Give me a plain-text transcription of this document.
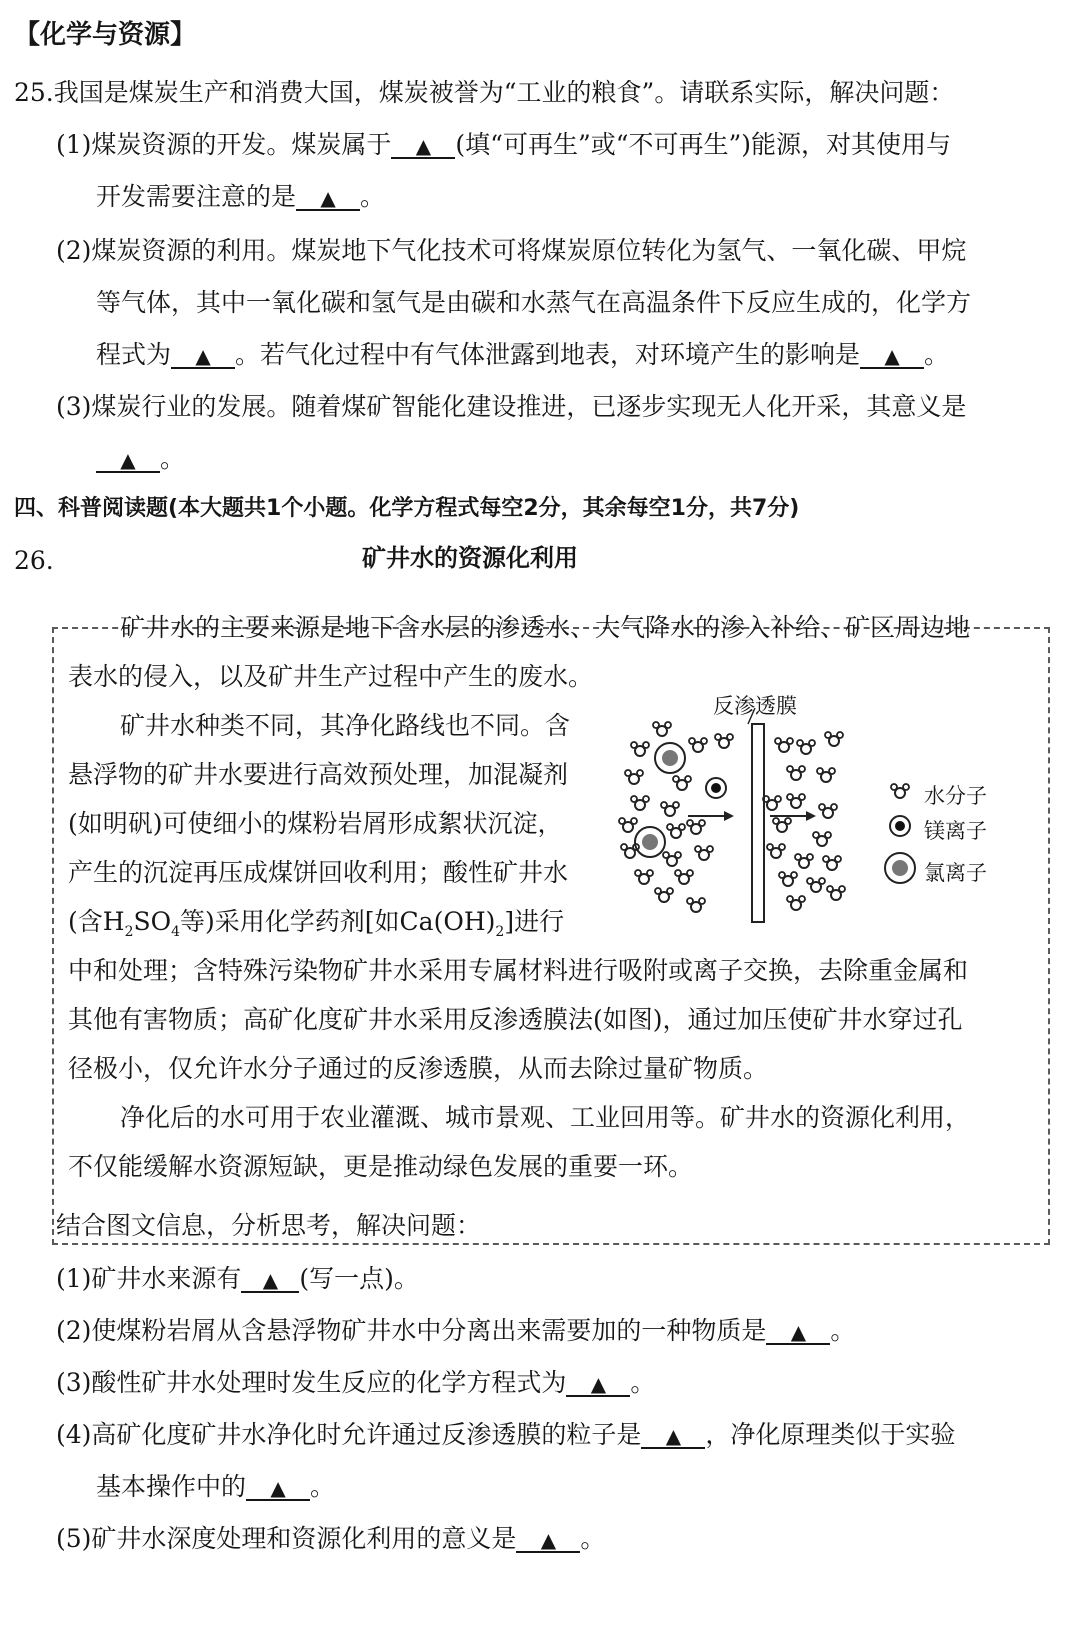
【化学与资源】
25.我国是煤炭生产和消费大国，煤炭被誉为“工业的粮食”。请联系实际，解决问题：
(1)煤炭资源的开发。煤炭属于 ▲ (填“可再生”或“不可再生”)能源，对其使用与
开发需要注意的是 ▲ 。
(2)煤炭资源的利用。煤炭地下气化技术可将煤炭原位转化为氢气、一氧化碳、甲烷
等气体，其中一氧化碳和氢气是由碳和水蒸气在高温条件下反应生成的，化学方
程式为 ▲ 。若气化过程中有气体泄露到地表，对环境产生的影响是 ▲ 。
(3)煤炭行业的发展。随着煤矿智能化建设推进，已逐步实现无人化开采，其意义是
▲ 。
四、科普阅读题(本大题共1个小题。化学方程式每空2分，其余每空1分，共7分)
26.	矿井水的资源化利用
矿井水的主要来源是地下含水层的渗透水、大气降水的渗入补给、矿区周边地
表水的侵入，以及矿井生产过程中产生的废水。
矿井水种类不同，其净化路线也不同。含
悬浮物的矿井水要进行高效预处理，加混凝剂
(如明矾)可使细小的煤粉岩屑形成絮状沉淀，
产生的沉淀再压成煤饼回收利用；酸性矿井水
(含$H_2SO_4$等)采用化学药剂[如$Ca(OH)_2$]进行
中和处理；含特殊污染物矿井水采用专属材料进行吸附或离子交换，去除重金属和
其他有害物质；高矿化度矿井水采用反渗透膜法(如图)，通过加压使矿井水穿过孔
径极小，仅允许水分子通过的反渗透膜，从而去除过量矿物质。
净化后的水可用于农业灌溉、城市景观、工业回用等。矿井水的资源化利用，
不仅能缓解水资源短缺，更是推动绿色发展的重要一环。
反渗透膜
水分子
镁离子
氯离子
结合图文信息，分析思考，解决问题：
(1)矿井水来源有 ▲ (写一点)。
(2)使煤粉岩屑从含悬浮物矿井水中分离出来需要加的一种物质是 ▲ 。
(3)酸性矿井水处理时发生反应的化学方程式为 ▲ 。
(4)高矿化度矿井水净化时允许通过反渗透膜的粒子是 ▲ ，净化原理类似于实验
基本操作中的 ▲ 。
(5)矿井水深度处理和资源化利用的意义是 ▲ 。
